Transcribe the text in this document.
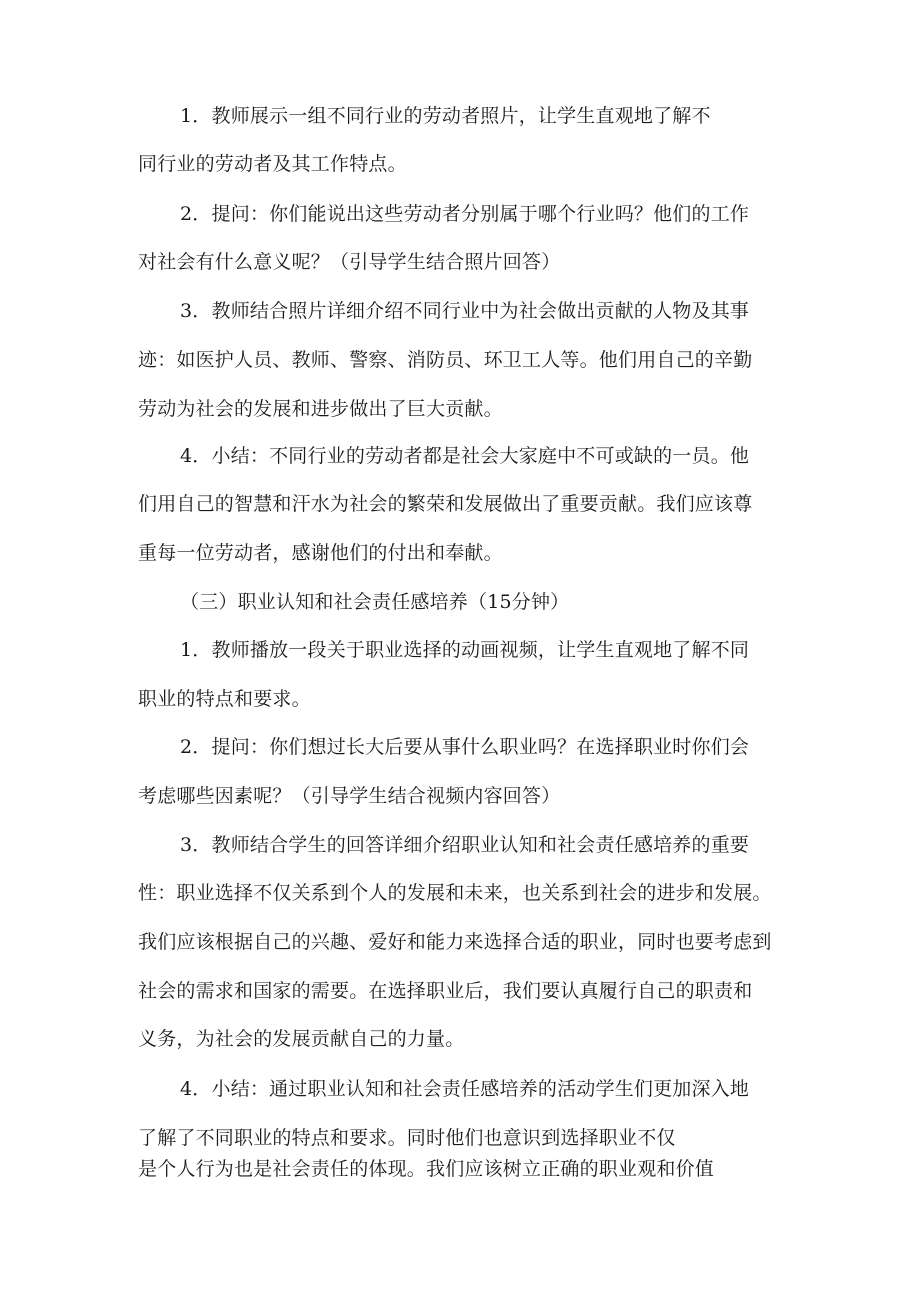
1．教师展示一组不同行业的劳动者照片，让学生直观地了解不
同行业的劳动者及其工作特点。
2．提问：你们能说出这些劳动者分别属于哪个行业吗？他们的工作
对社会有什么意义呢？（引导学生结合照片回答）
3．教师结合照片详细介绍不同行业中为社会做出贡献的人物及其事
迹：如医护人员、教师、警察、消防员、环卫工人等。他们用自己的辛勤
劳动为社会的发展和进步做出了巨大贡献。
4．小结：不同行业的劳动者都是社会大家庭中不可或缺的一员。他
们用自己的智慧和汗水为社会的繁荣和发展做出了重要贡献。我们应该尊
重每一位劳动者，感谢他们的付出和奉献。
（三）职业认知和社会责任感培养（15分钟）
1．教师播放一段关于职业选择的动画视频，让学生直观地了解不同
职业的特点和要求。
2．提问：你们想过长大后要从事什么职业吗？在选择职业时你们会
考虑哪些因素呢？（引导学生结合视频内容回答）
3．教师结合学生的回答详细介绍职业认知和社会责任感培养的重要
性：职业选择不仅关系到个人的发展和未来，也关系到社会的进步和发展。
我们应该根据自己的兴趣、爱好和能力来选择合适的职业，同时也要考虑到
社会的需求和国家的需要。在选择职业后，我们要认真履行自己的职责和
义务，为社会的发展贡献自己的力量。
4．小结：通过职业认知和社会责任感培养的活动学生们更加深入地
了解了不同职业的特点和要求。同时他们也意识到选择职业不仅
是个人行为也是社会责任的体现。我们应该树立正确的职业观和价值
